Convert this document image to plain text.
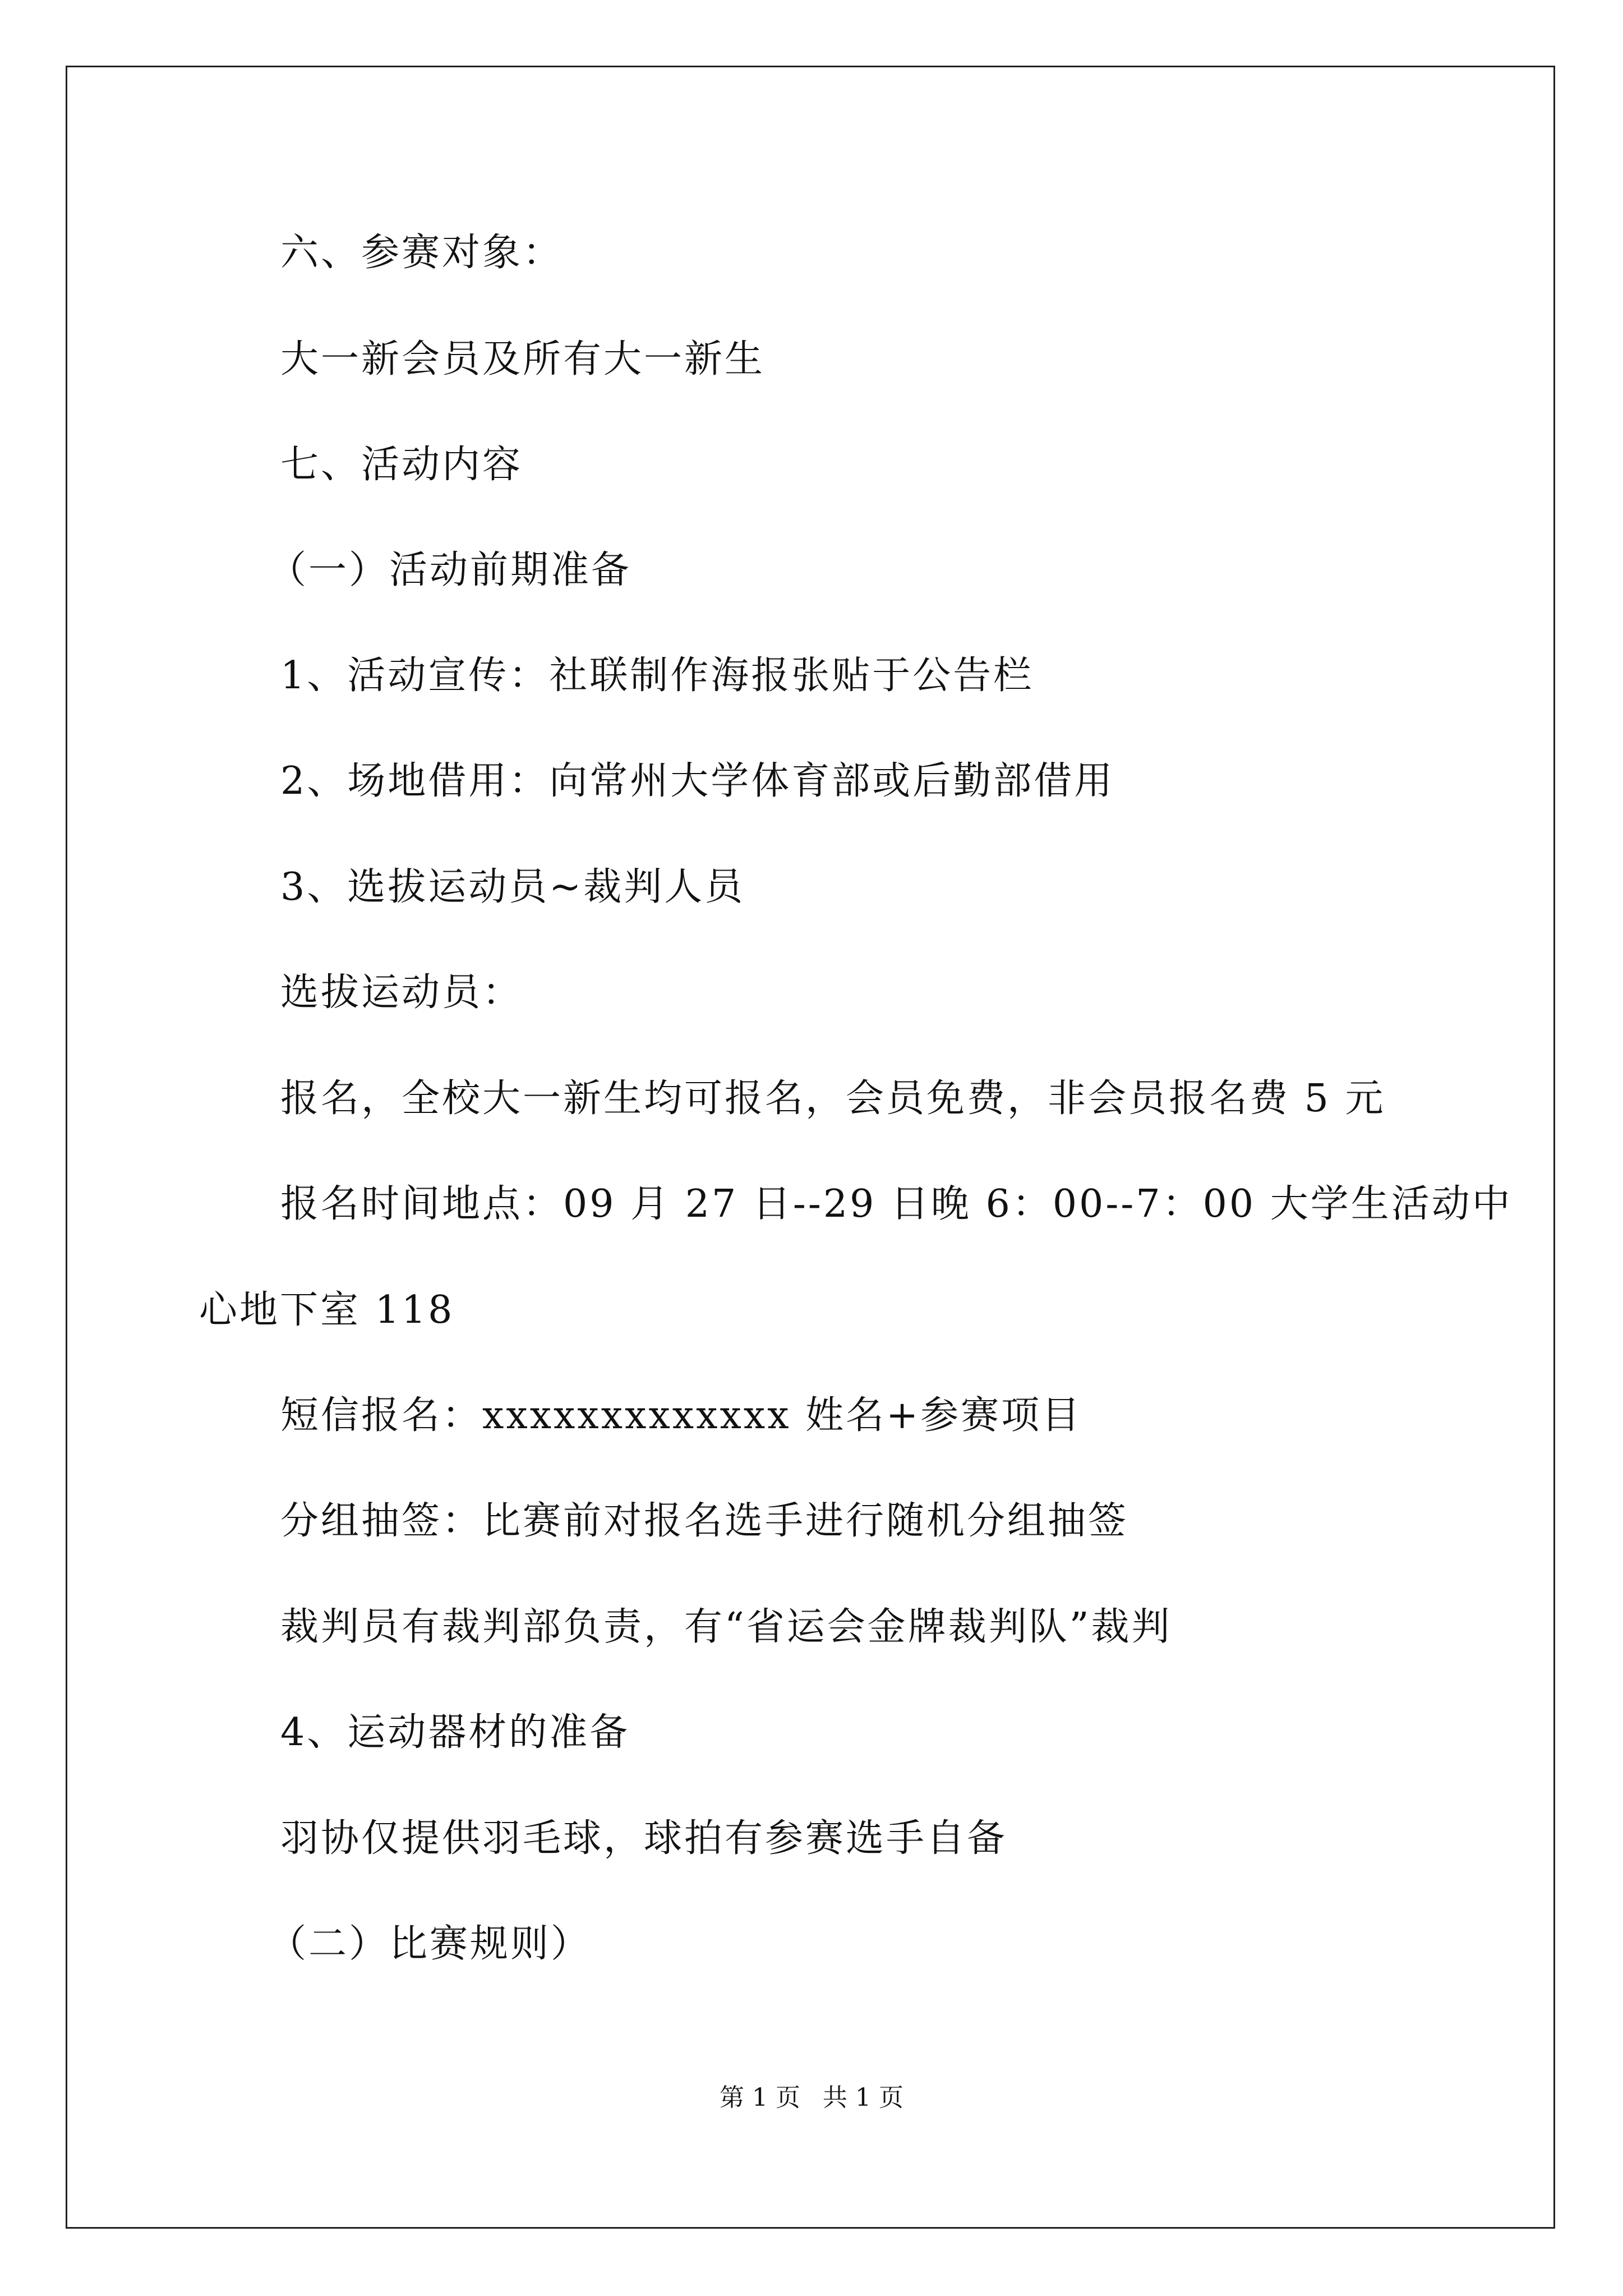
六、参赛对象：
大一新会员及所有大一新生
七、活动内容
（一）活动前期准备
1、活动宣传：社联制作海报张贴于公告栏
2、场地借用：向常州大学体育部或后勤部借用
3、选拔运动员~裁判人员
选拔运动员：
报名，全校大一新生均可报名，会员免费，非会员报名费 5 元
报名时间地点：09 月 27 日--29 日晚 6：00--7：00 大学生活动中
心地下室 118
短信报名：xxxxxxxxxxxxx 姓名+参赛项目
分组抽签：比赛前对报名选手进行随机分组抽签
裁判员有裁判部负责，有“省运会金牌裁判队”裁判
4、运动器材的准备
羽协仅提供羽毛球，球拍有参赛选手自备
（二）比赛规则）
第 1 页 共 1 页
